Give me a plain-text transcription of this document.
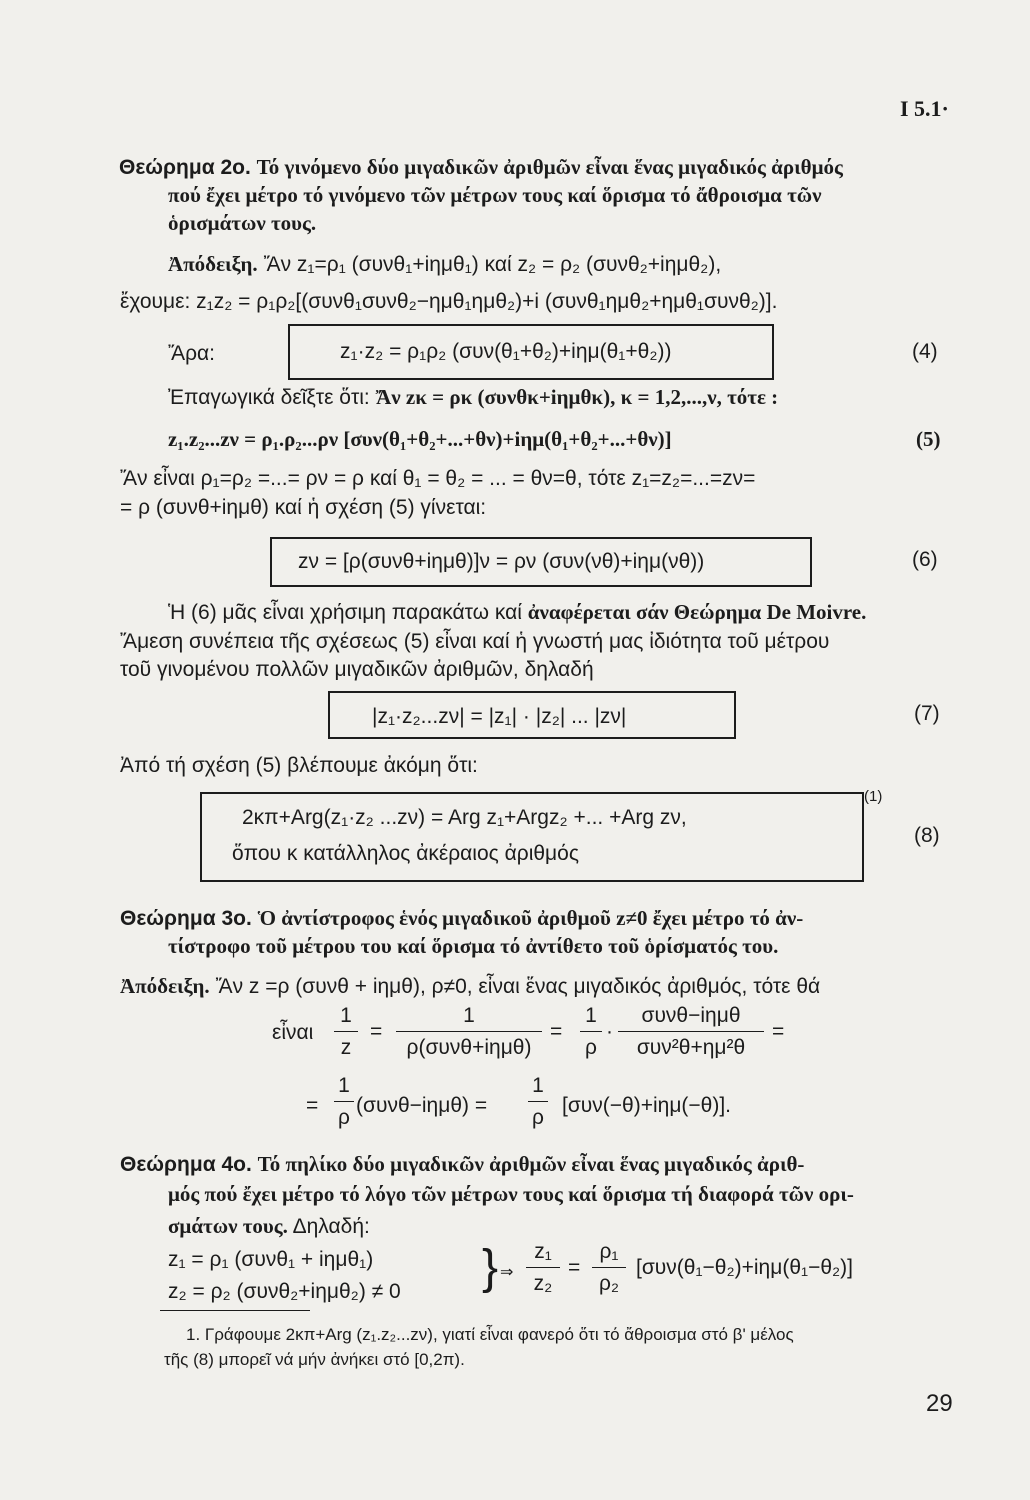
I 5.1·
Θεώρημα 2ο. Τό γινόμενο δύο μιγαδικῶν ἀριθμῶν εἶναι ἕνας μιγαδικός ἀριθμός
πού ἔχει μέτρο τό γινόμενο τῶν μέτρων τους καί ὅρισμα τό ἄθροισμα τῶν
ὁρισμάτων τους.
Ἀπόδειξη. Ἄν z₁=ρ₁ (συνθ₁+iημθ₁) καί z₂ = ρ₂ (συνθ₂+iημθ₂),
ἔχουμε: z₁z₂ = ρ₁ρ₂[(συνθ₁συνθ₂−ημθ₁ημθ₂)+i (συνθ₁ημθ₂+ημθ₁συνθ₂)].
Ἄρα:	z₁·z₂ = ρ₁ρ₂ (συν(θ₁+θ₂)+iημ(θ₁+θ₂))	(4)
Ἐπαγωγικά δεῖξτε ὅτι: Ἄν zκ = ρκ (συνθκ+iημθκ), κ = 1,2,...,ν, τότε :
z₁.z₂...zν = ρ₁.ρ₂...ρν [συν(θ₁+θ₂+...+θν)+iημ(θ₁+θ₂+...+θν)]	(5)
Ἄν εἶναι ρ₁=ρ₂ =...= ρν = ρ καί θ₁ = θ₂ = ... = θν=θ, τότε z₁=z₂=...=zν=
= ρ (συνθ+iημθ) καί ἡ σχέση (5) γίνεται:
zν = [ρ(συνθ+iημθ)]ν = ρν (συν(νθ)+iημ(νθ))	(6)
Ἡ (6) μᾶς εἶναι χρήσιμη παρακάτω καί ἀναφέρεται σάν Θεώρημα De Moivre.
Ἄμεση συνέπεια τῆς σχέσεως (5) εἶναι καί ἡ γνωστή μας ἰδιότητα τοῦ μέτρου
τοῦ γινομένου πολλῶν μιγαδικῶν ἀριθμῶν, δηλαδή
|z₁·z₂...zν| = |z₁| · |z₂| ... |zν|	(7)
Ἀπό τή σχέση (5) βλέπουμε ἀκόμη ὅτι:
2κπ+Arg(z₁·z₂ ...zν) = Arg z₁+Argz₂ +... +Arg zν,
ὅπου κ κατάλληλος ἀκέραιος ἀριθμός
(1)
(8)
Θεώρημα 3ο. Ὁ ἀντίστροφος ἑνός μιγαδικοῦ ἀριθμοῦ z≠0 ἔχει μέτρο τό ἀν-
τίστροφο τοῦ μέτρου του καί ὅρισμα τό ἀντίθετο τοῦ ὁρίσματός του.
Ἀπόδειξη. Ἄν z =ρ (συνθ + iημθ), ρ≠0, εἶναι ἕνας μιγαδικός ἀριθμός, τότε θά
εἶναι
1
z
=
1
ρ(συνθ+iημθ)
=
1
ρ
·
συνθ−iημθ
συν²θ+ημ²θ
=
=
1
ρ
(συνθ−iημθ) =
1
ρ
[συν(−θ)+iημ(−θ)].
Θεώρημα 4ο. Τό πηλίκο δύο μιγαδικῶν ἀριθμῶν εἶναι ἕνας μιγαδικός ἀριθ-
μός πού ἔχει μέτρο τό λόγο τῶν μέτρων τους καί ὅρισμα τή διαφορά τῶν ορι-
σμάτων τους. Δηλαδή:
z₁ = ρ₁ (συνθ₁ + iημθ₁)
z₂ = ρ₂ (συνθ₂+iημθ₂) ≠ 0 } ⇒
z₁
z₂
=
ρ₁
ρ₂
[συν(θ₁−θ₂)+iημ(θ₁−θ₂)]
1. Γράφουμε 2κπ+Arg (z₁.z₂...zν), γιατί εἶναι φανερό ὅτι τό ἄθροισμα στό β' μέλος
τῆς (8) μπορεῖ νά μήν ἀνήκει στό [0,2π).
29
